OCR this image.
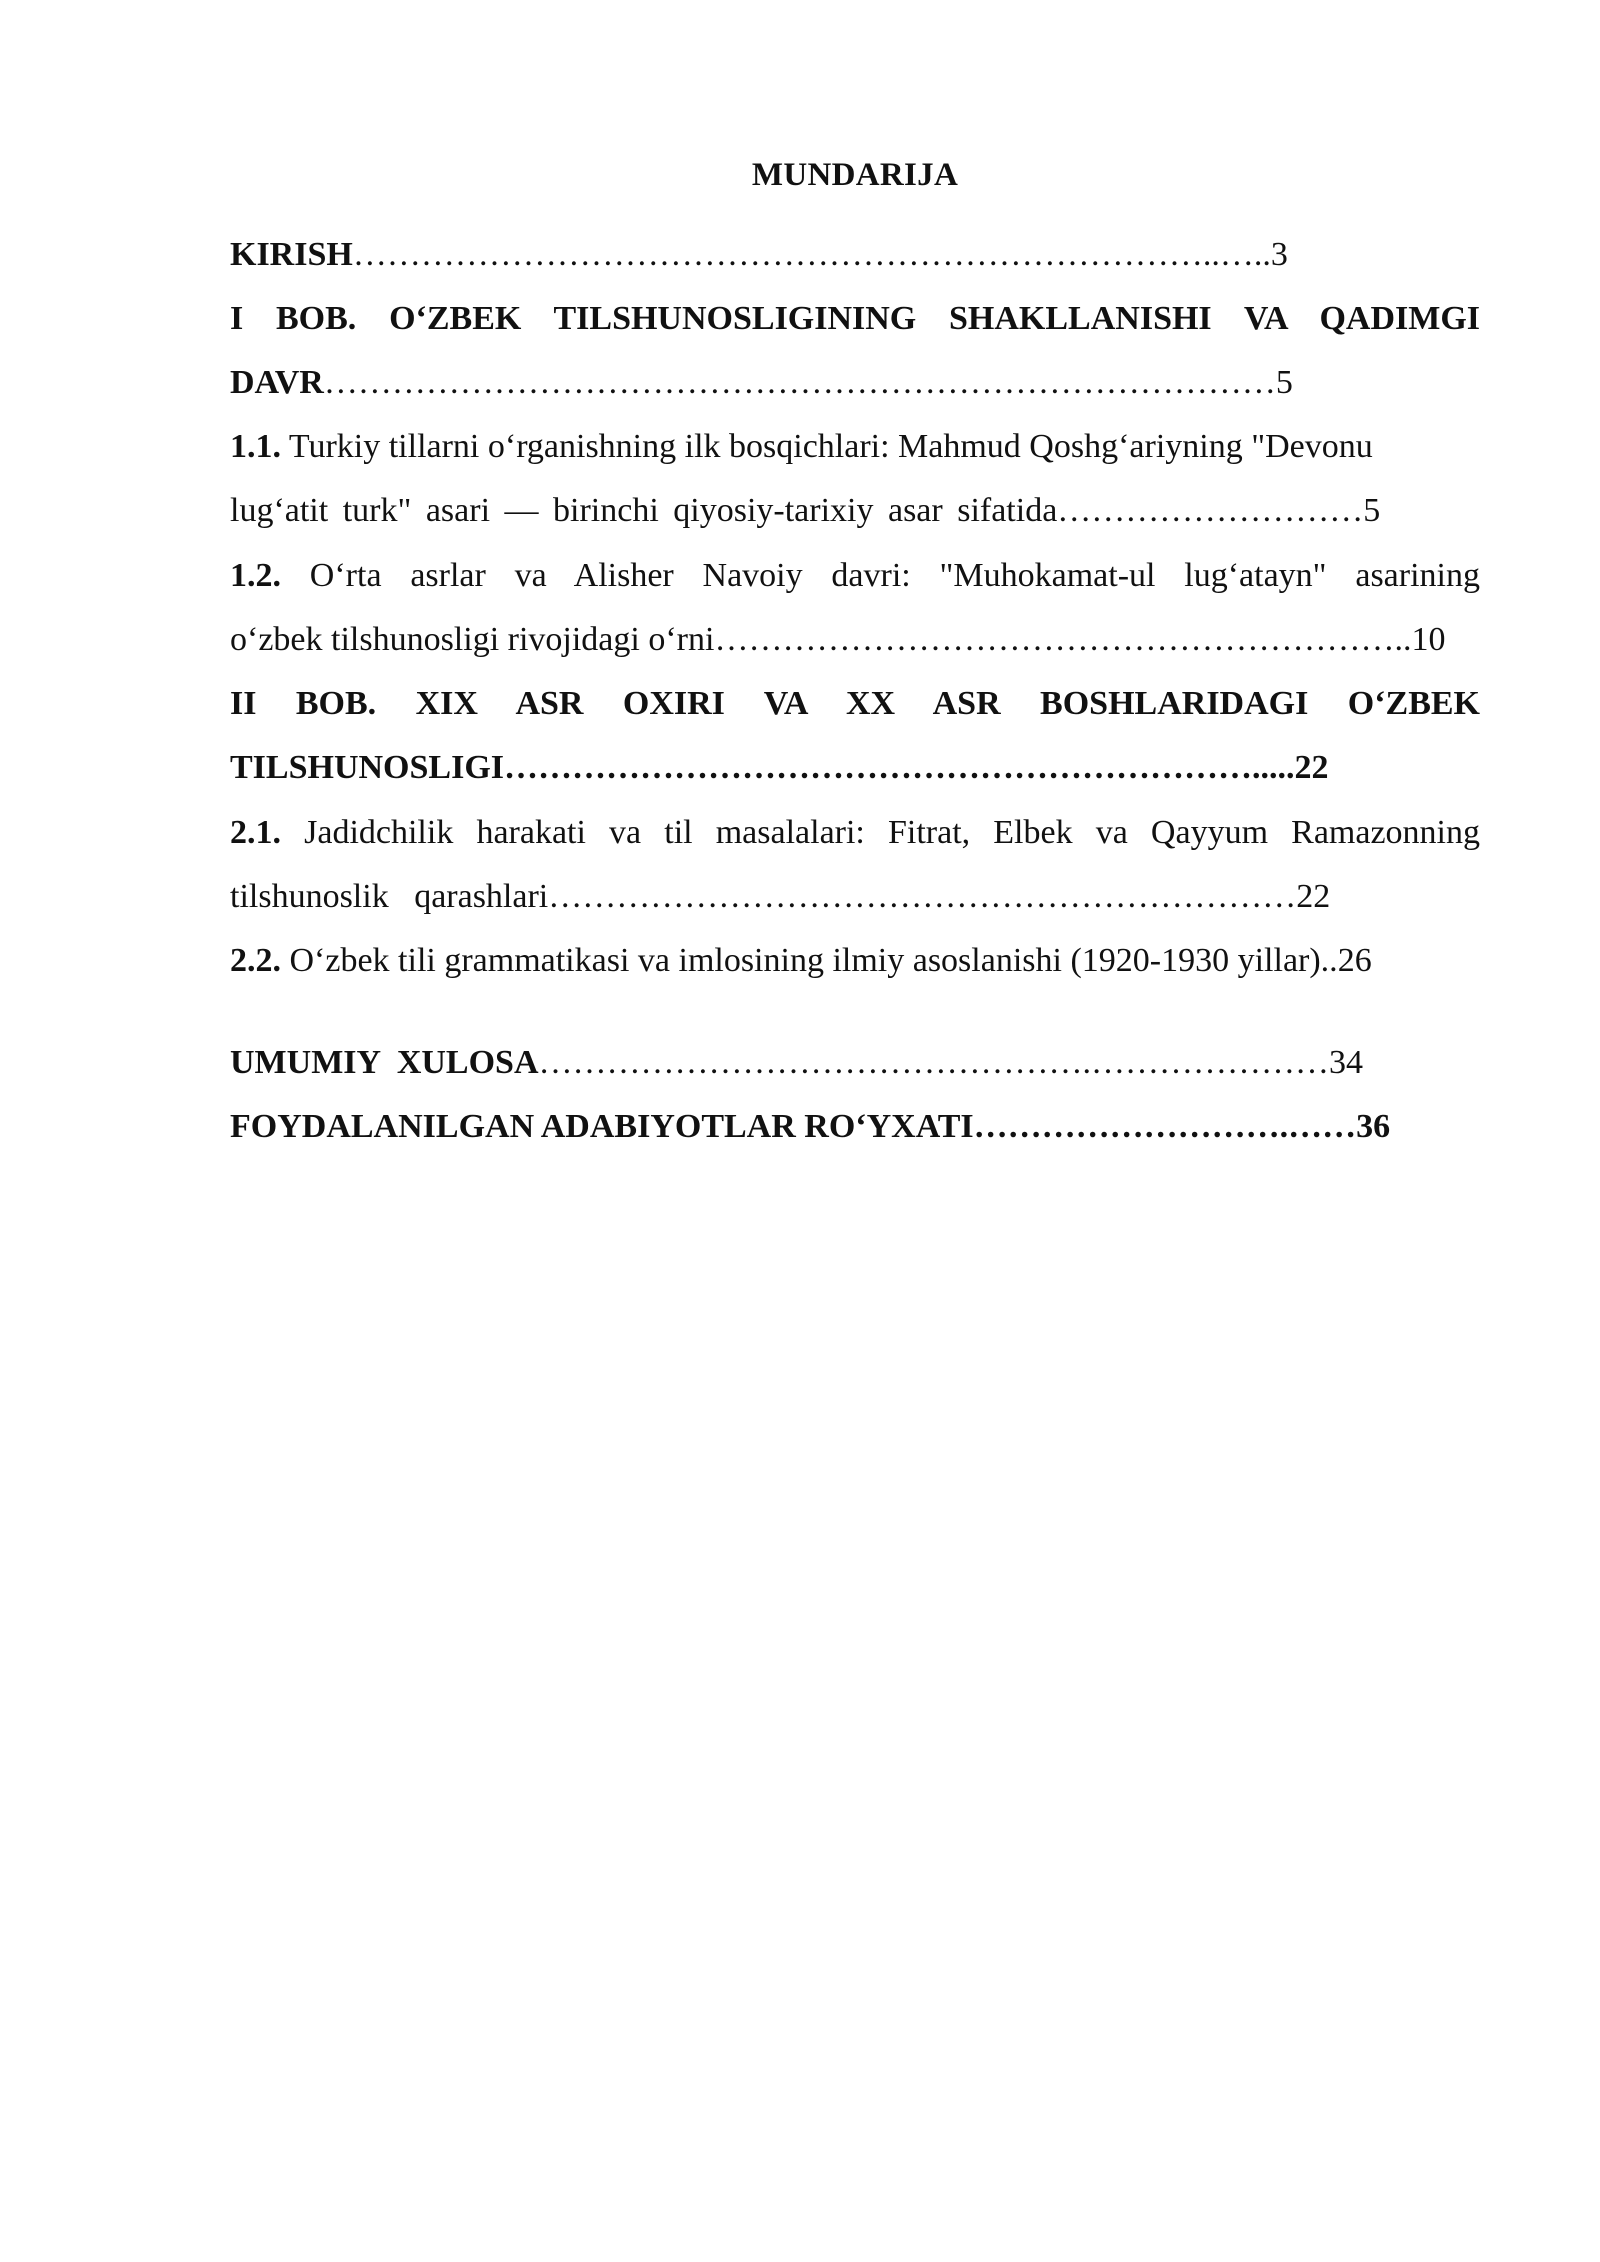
MUNDARIJA
KIRISH…………………………………………………………………..…..3
I BOB. O‘ZBEK TILSHUNOSLIGINING SHAKLLANISHI VA QADIMGI
DAVR…………………………………………………………………………5
1.1. Turkiy tillarni o‘rganishning ilk bosqichlari: Mahmud Qoshg‘ariyning "Devonu
lug‘atit turk" asari — birinchi qiyosiy-tarixiy asar sifatida………………………5
1.2. O‘rta asrlar va Alisher Navoiy davri: "Muhokamat-ul lug‘atayn" asarining
o‘zbek tilshunosligi rivojidagi o‘rni……………………………………………………..10
II BOB. XIX ASR OXIRI VA XX ASR BOSHLARIDAGI O‘ZBEK
TILSHUNOSLIGI………………………………………………………….....22
2.1. Jadidchilik harakati va til masalalari: Fitrat, Elbek va Qayyum Ramazonning
tilshunoslik   qarashlari…………………………………………………………22
2.2. O‘zbek tili grammatikasi va imlosining ilmiy asoslanishi (1920-1930 yillar)..26
UMUMIY  XULOSA………………………………………….…………………34
FOYDALANILGAN ADABIYOTLAR RO‘YXATI……………………….……36
